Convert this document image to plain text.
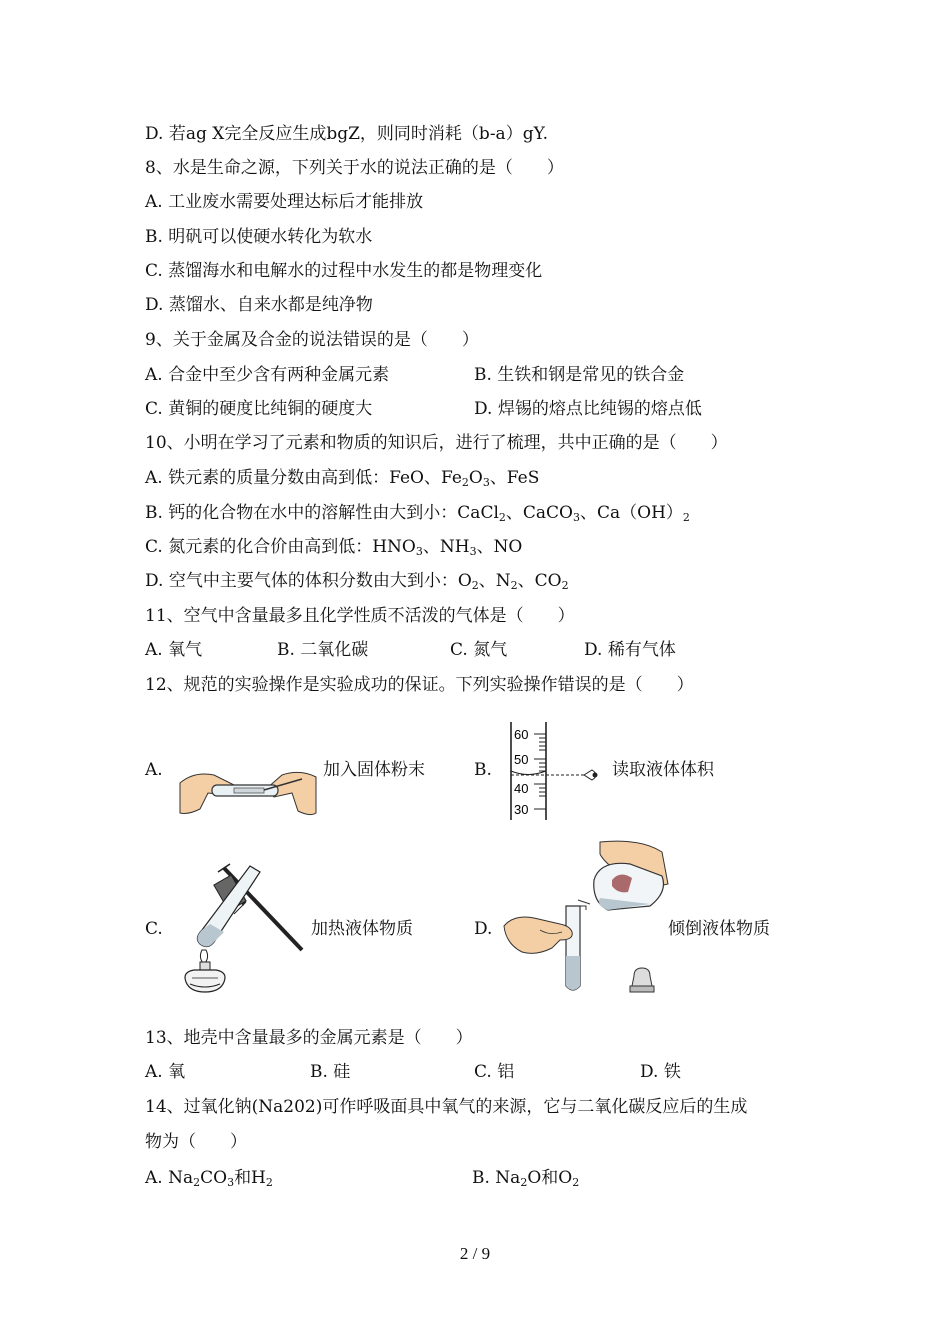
D. 若ag X完全反应生成bgZ，则同时消耗（b-a）gY.
8、水是生命之源，下列关于水的说法正确的是（　　）
A. 工业废水需要处理达标后才能排放
B. 明矾可以使硬水转化为软水
C. 蒸馏海水和电解水的过程中水发生的都是物理变化
D. 蒸馏水、自来水都是纯净物
9、关于金属及合金的说法错误的是（　　）
A. 合金中至少含有两种金属元素	B. 生铁和钢是常见的铁合金
C. 黄铜的硬度比纯铜的硬度大	D. 焊锡的熔点比纯锡的熔点低
10、小明在学习了元素和物质的知识后，进行了梳理，共中正确的是（　　）
A. 铁元素的质量分数由高到低：FeO、$Fe_2O_3$、FeS
B. 钙的化合物在水中的溶解性由大到小：CaCl$_2$、CaCO$_3$、$Ca(OH)_2$
C. 氮元素的化合价由高到低：$HNO_3$、$NH_3$、NO
D. 空气中主要气体的体积分数由大到小：$O_2$、$N_2$、$CO_2$
11、空气中含量最多且化学性质不活泼的气体是（　　）
A. 氧气	B. 二氧化碳	C. 氮气	D. 稀有气体
12、规范的实验操作是实验成功的保证。下列实验操作错误的是（　　）
A.	加入固体粉末	B.
60
50
40
30
读取液体体积
C.	加热液体物质	D.	倾倒液体物质
13、地壳中含量最多的金属元素是（　　）
A. 氧	B. 硅	C. 铝	D. 铁
14、过氧化钠(Na202)可作呼吸面具中氧气的来源，它与二氧化碳反应后的生成
物为（　　）
A. $Na_2CO_3$和$H_2$	B. $Na_2O$和$O_2$
2 / 9
